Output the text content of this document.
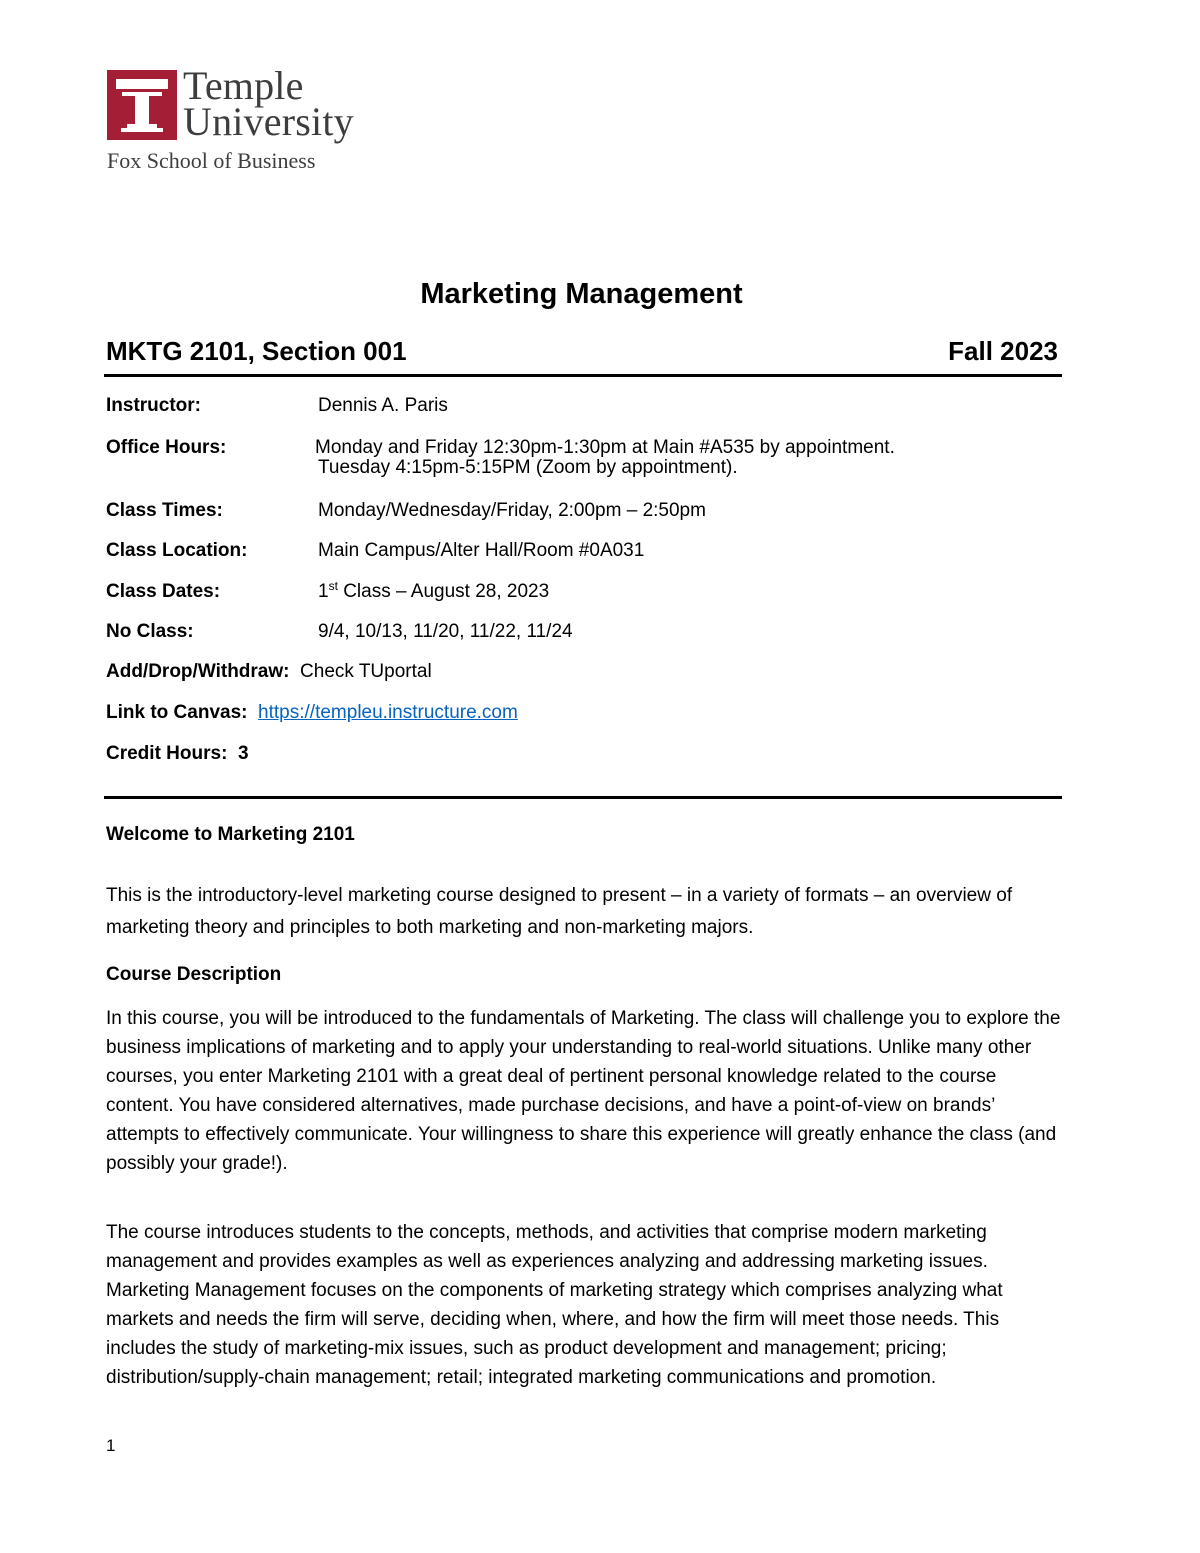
Temple
University
Fox School of Business
Marketing Management
MKTG 2101, Section 001	Fall 2023
Instructor:	Dennis A. Paris
Office Hours:	Monday and Friday 12:30pm-1:30pm at Main #A535 by appointment.
Tuesday 4:15pm-5:15PM (Zoom by appointment).
Class Times:	Monday/Wednesday/Friday, 2:00pm – 2:50pm
Class Location:	Main Campus/Alter Hall/Room #0A031
Class Dates:	1st Class – August 28, 2023
No Class:	9/4, 10/13, 11/20, 11/22, 11/24
Add/Drop/Withdraw: Check TUportal
Link to Canvas: https://templeu.instructure.com
Credit Hours: 3
Welcome to Marketing 2101
This is the introductory-level marketing course designed to present – in a variety of formats – an overview of marketing theory and principles to both marketing and non-marketing majors.
Course Description
In this course, you will be introduced to the fundamentals of Marketing. The class will challenge you to explore the business implications of marketing and to apply your understanding to real-world situations. Unlike many other courses, you enter Marketing 2101 with a great deal of pertinent personal knowledge related to the course content. You have considered alternatives, made purchase decisions, and have a point-of-view on brands’ attempts to effectively communicate. Your willingness to share this experience will greatly enhance the class (and possibly your grade!).
The course introduces students to the concepts, methods, and activities that comprise modern marketing management and provides examples as well as experiences analyzing and addressing marketing issues. Marketing Management focuses on the components of marketing strategy which comprises analyzing what markets and needs the firm will serve, deciding when, where, and how the firm will meet those needs. This includes the study of marketing-mix issues, such as product development and management; pricing; distribution/supply-chain management; retail; integrated marketing communications and promotion.
1
